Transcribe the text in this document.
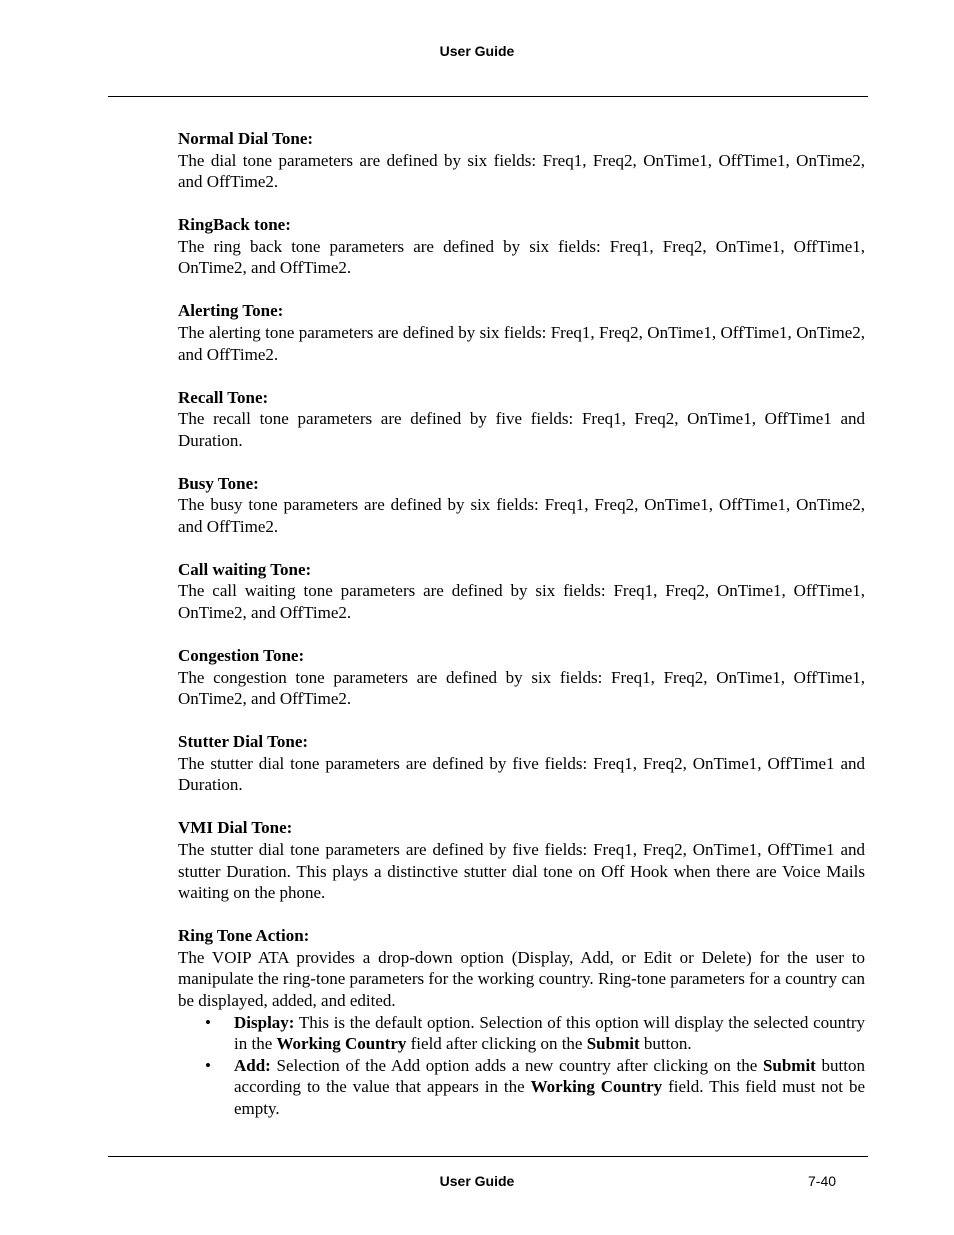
User Guide
Normal Dial Tone:

The dial tone parameters are defined by six fields: Freq1, Freq2, OnTime1, OffTime1, OnTime2, and OffTime2.

RingBack tone:

The ring back tone parameters are defined by six fields: Freq1, Freq2, OnTime1, OffTime1, OnTime2, and OffTime2.

Alerting Tone:

The alerting tone parameters are defined by six fields: Freq1, Freq2, OnTime1, OffTime1, OnTime2, and OffTime2.

Recall Tone:

The recall tone parameters are defined by five fields: Freq1, Freq2, OnTime1, OffTime1 and Duration.

Busy Tone:

The busy tone parameters are defined by six fields: Freq1, Freq2, OnTime1, OffTime1, OnTime2, and OffTime2.

Call waiting Tone:

The call waiting tone parameters are defined by six fields: Freq1, Freq2, OnTime1, OffTime1, OnTime2, and OffTime2.

Congestion Tone:

The congestion tone parameters are defined by six fields: Freq1, Freq2, OnTime1, OffTime1, OnTime2, and OffTime2.

Stutter Dial Tone:

The stutter dial tone parameters are defined by five fields: Freq1, Freq2, OnTime1, OffTime1 and Duration.

VMI Dial Tone:

The stutter dial tone parameters are defined by five fields: Freq1, Freq2, OnTime1, OffTime1 and stutter Duration. This plays a distinctive stutter dial tone on Off Hook when there are Voice Mails waiting on the phone.

Ring Tone Action:

The VOIP ATA provides a drop-down option (Display, Add, or Edit or Delete) for the user to manipulate the ring-tone parameters for the working country. Ring-tone parameters for a country can be displayed, added, and edited.

• Display: This is the default option. Selection of this option will display the selected country in the Working Country field after clicking on the Submit button.
• Add: Selection of the Add option adds a new country after clicking on the Submit button according to the value that appears in the Working Country field. This field must not be empty.
User Guide	7-40
